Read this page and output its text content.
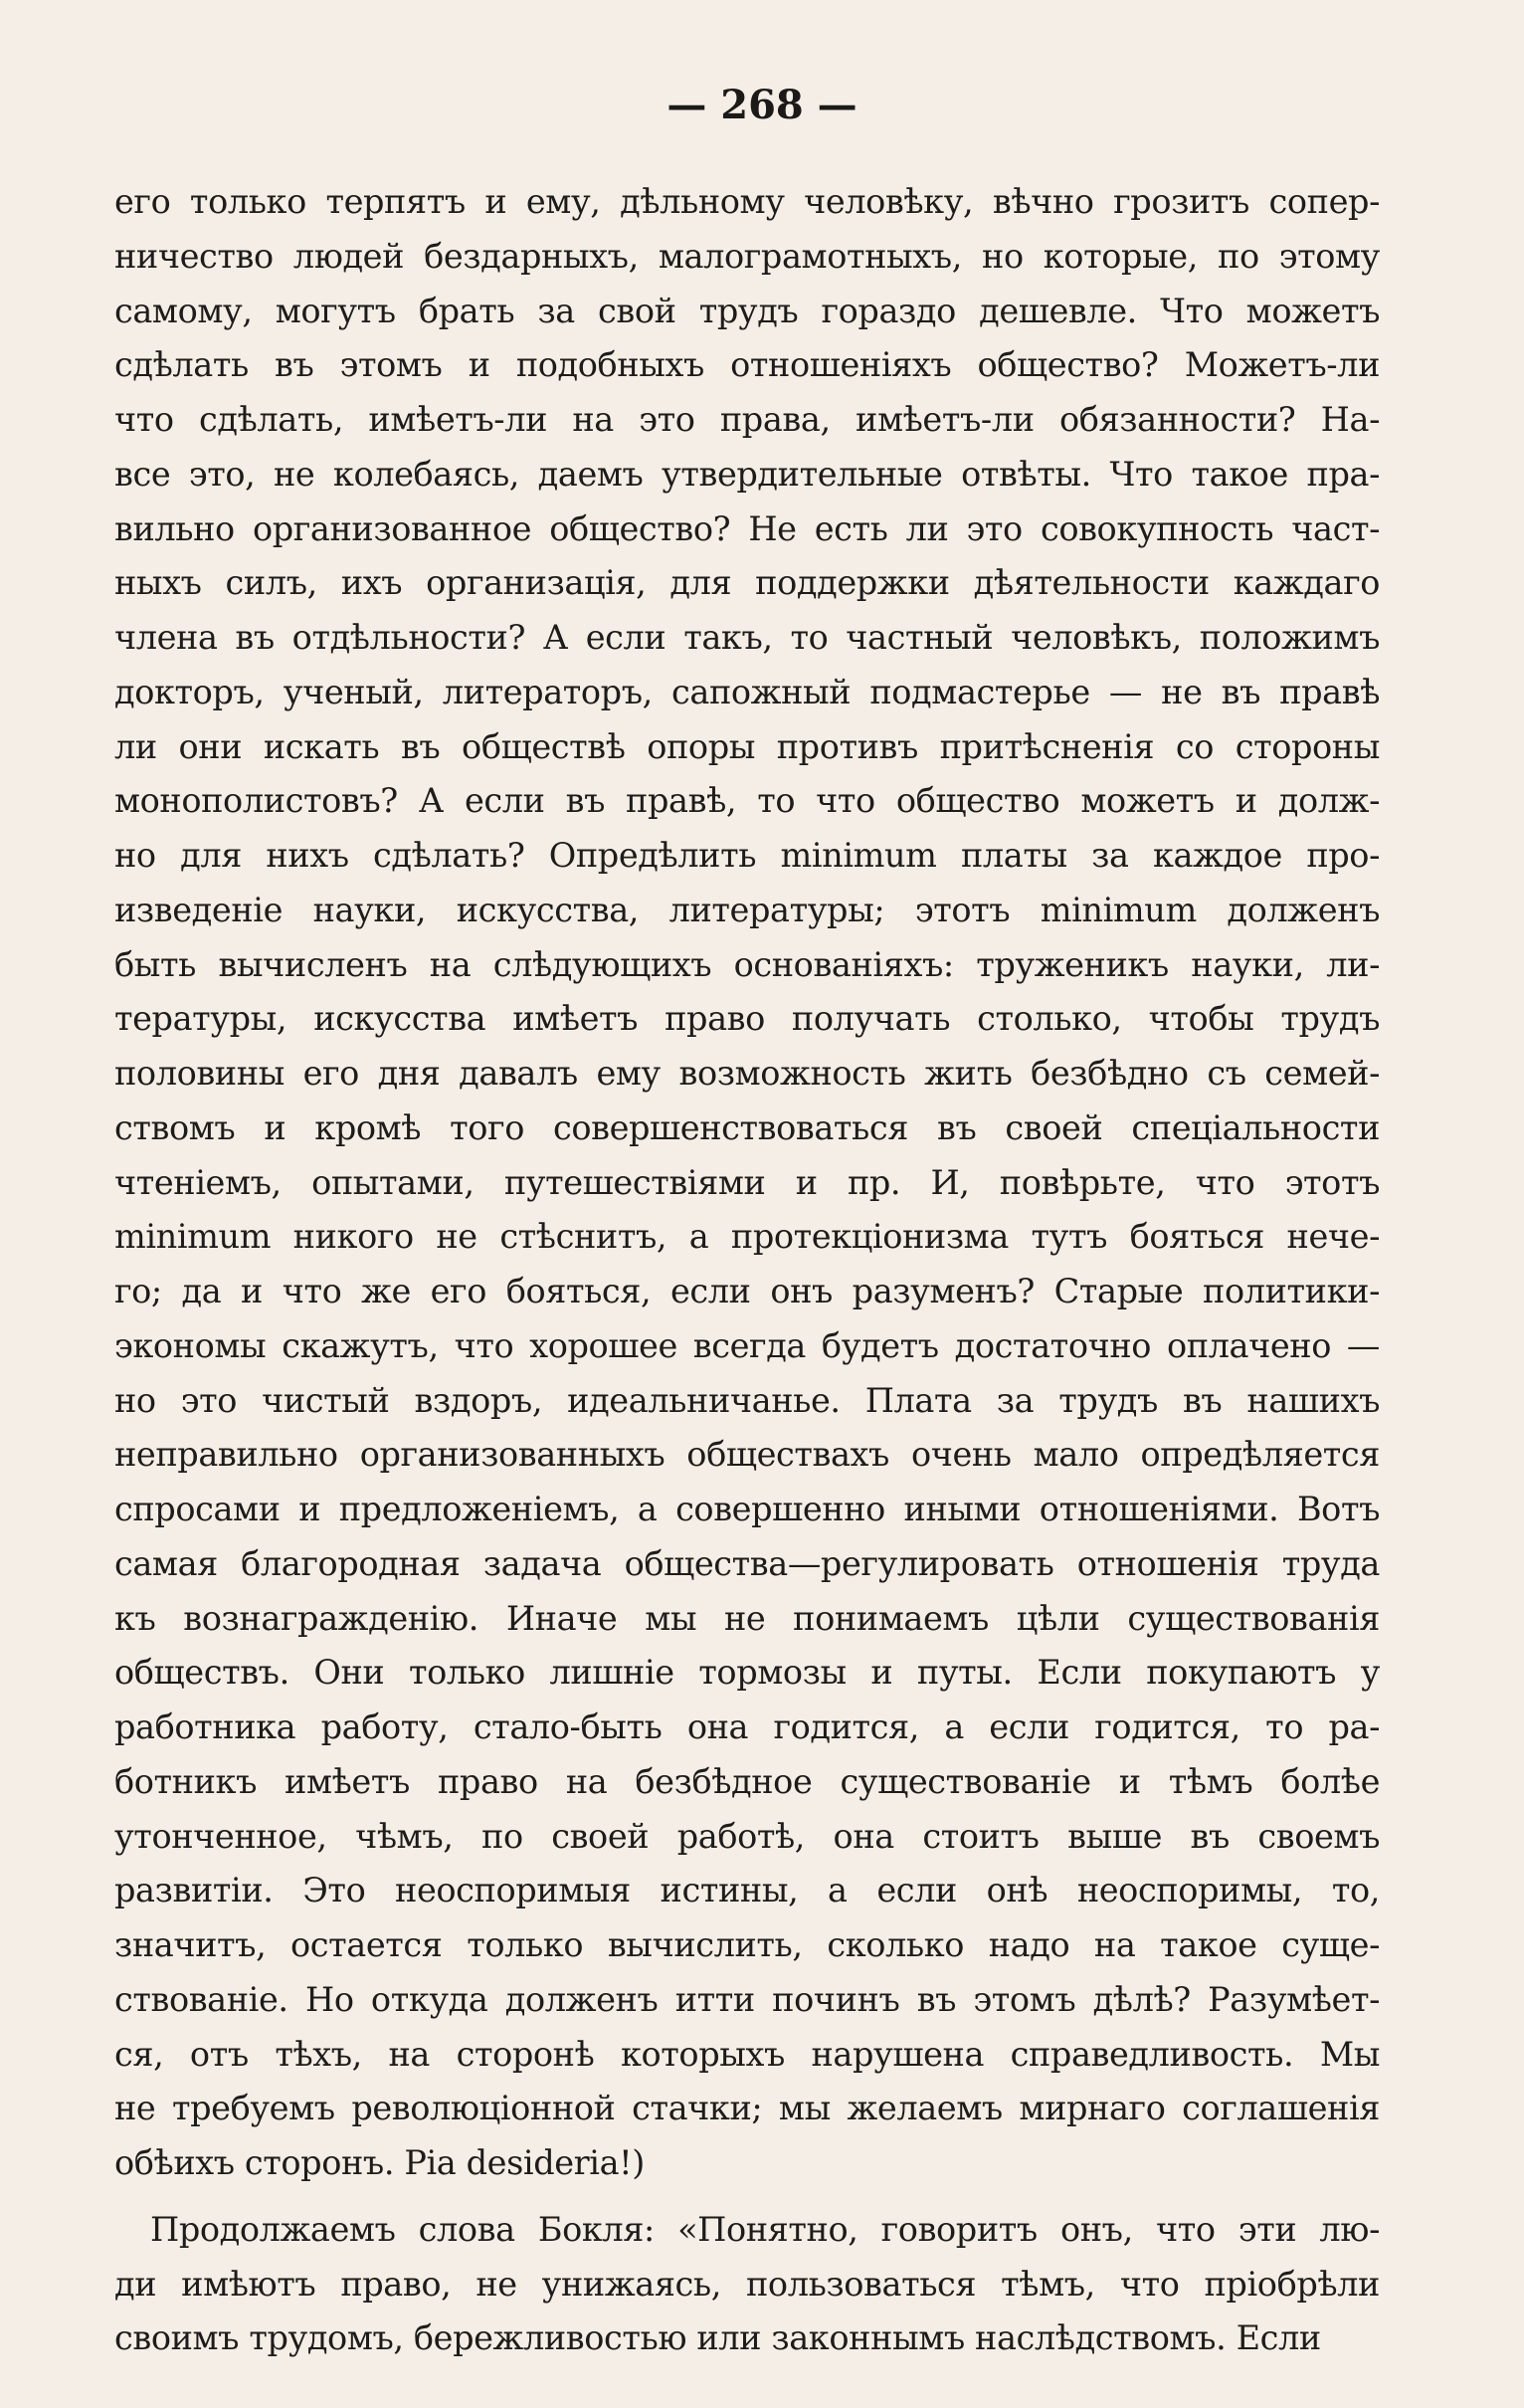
— 268 —
его только терпятъ и ему, дѣльному человѣку, вѣчно грозитъ сопер-
ничество людей бездарныхъ, малограмотныхъ, но которые, по этому
самому, могутъ брать за свой трудъ гораздо дешевле. Что можетъ
сдѣлать въ этомъ и подобныхъ отношеніяхъ общество? Можетъ-ли
что сдѣлать, имѣетъ-ли на это права, имѣетъ-ли обязанности? На-
все это, не колебаясь, даемъ утвердительные отвѣты. Что такое пра-
вильно организованное общество? Не есть ли это совокупность част-
ныхъ силъ, ихъ организація, для поддержки дѣятельности каждаго
члена въ отдѣльности? А если такъ, то частный человѣкъ, положимъ
докторъ, ученый, литераторъ, сапожный подмастерье — не въ правѣ
ли они искать въ обществѣ опоры противъ притѣсненія со стороны
монополистовъ? А если въ правѣ, то что общество можетъ и долж-
но для нихъ сдѣлать? Опредѣлить minimum платы за каждое про-
изведеніе науки, искусства, литературы; этотъ minimum долженъ
быть вычисленъ на слѣдующихъ основаніяхъ: труженикъ науки, ли-
тературы, искусства имѣетъ право получать столько, чтобы трудъ
половины его дня давалъ ему возможность жить безбѣдно съ семей-
ствомъ и кромѣ того совершенствоваться въ своей спеціальности
чтеніемъ, опытами, путешествіями и пр. И, повѣрьте, что этотъ
minimum никого не стѣснитъ, а протекціонизма тутъ бояться нече-
го; да и что же его бояться, если онъ разуменъ? Старые политики-
экономы скажутъ, что хорошее всегда будетъ достаточно оплачено —
но это чистый вздоръ, идеальничанье. Плата за трудъ въ нашихъ
неправильно организованныхъ обществахъ очень мало опредѣляется
спросами и предложеніемъ, а совершенно иными отношеніями. Вотъ
самая благородная задача общества—регулировать отношенія труда
къ вознагражденію. Иначе мы не понимаемъ цѣли существованія
обществъ. Они только лишніе тормозы и путы. Если покупаютъ у
работника работу, стало-быть она годится, а если годится, то ра-
ботникъ имѣетъ право на безбѣдное существованіе и тѣмъ болѣе
утонченное, чѣмъ, по своей работѣ, она стоитъ выше въ своемъ
развитіи. Это неоспоримыя истины, а если онѣ неоспоримы, то,
значитъ, остается только вычислить, сколько надо на такое суще-
ствованіе. Но откуда долженъ итти починъ въ этомъ дѣлѣ? Разумѣет-
ся, отъ тѣхъ, на сторонѣ которыхъ нарушена справедливость. Мы
не требуемъ революціонной стачки; мы желаемъ мирнаго соглашенія
обѣихъ сторонъ. Pia desideria!)
Продолжаемъ слова Бокля: «Понятно, говоритъ онъ, что эти лю-
ди имѣютъ право, не унижаясь, пользоваться тѣмъ, что пріобрѣли
своимъ трудомъ, бережливостью или законнымъ наслѣдствомъ. Если
